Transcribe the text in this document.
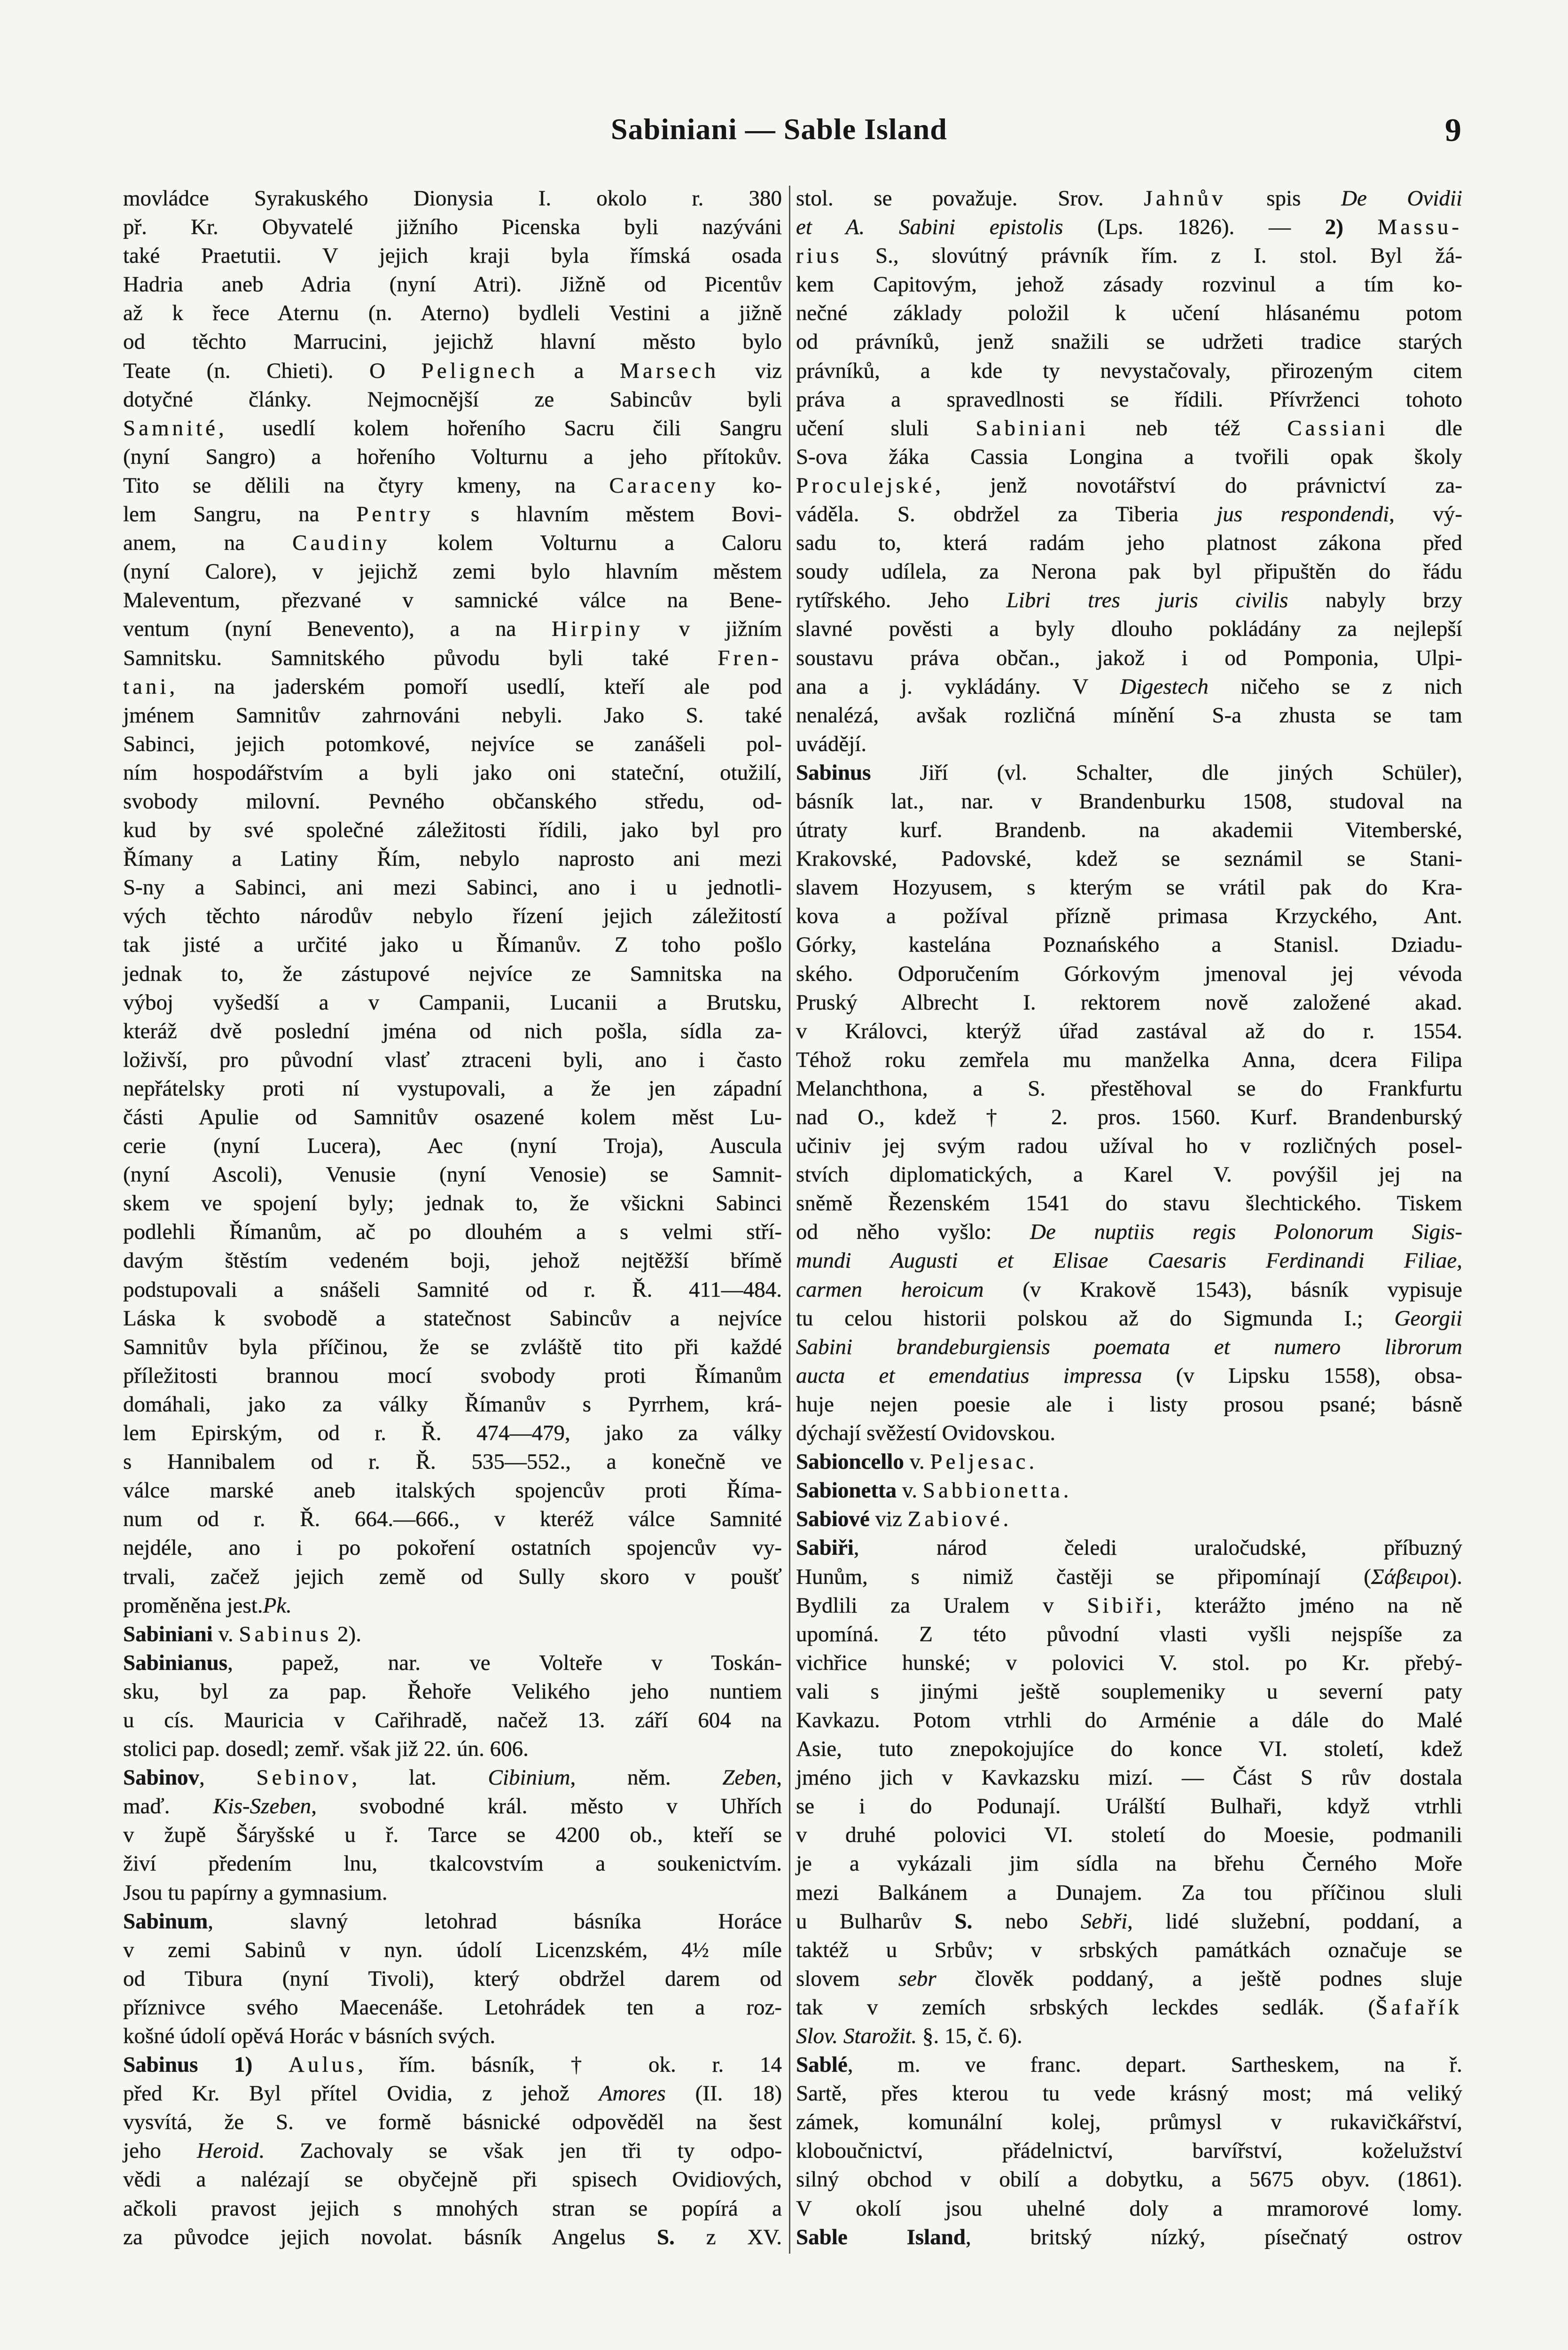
Sabiniani — Sable Island	9
movládce Syrakuského Dionysia I. okolo r. 380
př. Kr. Obyvatelé jižního Picenska byli nazýváni
také Praetutii. V jejich kraji byla římská osada
Hadria aneb Adria (nyní Atri). Jižně od Picentův
až k řece Aternu (n. Aterno) bydleli Vestini a jižně
od těchto Marrucini, jejichž hlavní město bylo
Teate (n. Chieti). O Pelignech a Marsech viz
dotyčné články. Nejmocnější ze Sabincův byli
Samnité, usedlí kolem hořeního Sacru čili Sangru
(nyní Sangro) a hořeního Volturnu a jeho přítokův.
Tito se dělili na čtyry kmeny, na Caraceny ko-
lem Sangru, na Pentry s hlavním městem Bovi-
anem, na Caudiny kolem Volturnu a Caloru
(nyní Calore), v jejichž zemi bylo hlavním městem
Maleventum, přezvané v samnické válce na Bene-
ventum (nyní Benevento), a na Hirpiny v jižním
Samnitsku. Samnitského původu byli také Fren-
tani, na jaderském pomoří usedlí, kteří ale pod
jménem Samnitův zahrnováni nebyli. Jako S. také
Sabinci, jejich potomkové, nejvíce se zanášeli pol-
ním hospodářstvím a byli jako oni stateční, otužilí,
svobody milovní. Pevného občanského středu, od-
kud by své společné záležitosti řídili, jako byl pro
Římany a Latiny Řím, nebylo naprosto ani mezi
S-ny a Sabinci, ani mezi Sabinci, ano i u jednotli-
vých těchto národův nebylo řízení jejich záležitostí
tak jisté a určité jako u Římanův. Z toho pošlo
jednak to, že zástupové nejvíce ze Samnitska na
výboj vyšedší a v Campanii, Lucanii a Brutsku,
kteráž dvě poslední jména od nich pošla, sídla za-
loživší, pro původní vlasť ztraceni byli, ano i často
nepřátelsky proti ní vystupovali, a že jen západní
části Apulie od Samnitův osazené kolem měst Lu-
cerie (nyní Lucera), Aec (nyní Troja), Auscula
(nyní Ascoli), Venusie (nyní Venosie) se Samnit-
skem ve spojení byly; jednak to, že všickni Sabinci
podlehli Římanům, ač po dlouhém a s velmi stří-
davým štěstím vedeném boji, jehož nejtěžší břímě
podstupovali a snášeli Samnité od r. Ř. 411—484.
Láska k svobodě a statečnost Sabincův a nejvíce
Samnitův byla příčinou, že se zvláště tito při každé
příležitosti brannou mocí svobody proti Římanům
domáhali, jako za války Římanův s Pyrrhem, krá-
lem Epirským, od r. Ř. 474—479, jako za války
s Hannibalem od r. Ř. 535—552., a konečně ve
válce marské aneb italských spojencův proti Říma-
num od r. Ř. 664.—666., v kteréž válce Samnité
nejdéle, ano i po pokoření ostatních spojencův vy-
trvali, začež jejich země od Sully skoro v poušť
proměněna jest.Pk.
Sabiniani v. Sabinus 2).
Sabinianus, papež, nar. ve Volteře v Toskán-
sku, byl za pap. Řehoře Velikého jeho nuntiem
u cís. Mauricia v Cařihradě, načež 13. září 604 na
stolici pap. dosedl; zemř. však již 22. ún. 606.
Sabinov, Sebinov, lat. Cibinium, něm. Zeben,
maď. Kis-Szeben, svobodné král. město v Uhřích
v župě Šáryšské u ř. Tarce se 4200 ob., kteří se
živí předením lnu, tkalcovstvím a soukenictvím.
Jsou tu papírny a gymnasium.
Sabinum, slavný letohrad básníka Horáce
v zemi Sabinů v nyn. údolí Licenzském, 4½ míle
od Tibura (nyní Tivoli), který obdržel darem od
příznivce svého Maecenáše. Letohrádek ten a roz-
košné údolí opěvá Horác v básních svých.
Sabinus 1) Aulus, řím. básník, † ok. r. 14
před Kr. Byl přítel Ovidia, z jehož Amores (II. 18)
vysvítá, že S. ve formě básnické odpověděl na šest
jeho Heroid. Zachovaly se však jen tři ty odpo-
vědi a nalézají se obyčejně při spisech Ovidiových,
ačkoli pravost jejich s mnohých stran se popírá a
za původce jejich novolat. básník Angelus S. z XV.
stol. se považuje. Srov. Jahnův spis De Ovidii
et A. Sabini epistolis (Lps. 1826). — 2) Massu-
rius S., slovútný právník řím. z I. stol. Byl žá-
kem Capitovým, jehož zásady rozvinul a tím ko-
nečné základy položil k učení hlásanému potom
od právníků, jenž snažili se udržeti tradice starých
právníků, a kde ty nevystačovaly, přirozeným citem
práva a spravedlnosti se řídili. Přívrženci tohoto
učení sluli Sabiniani neb též Cassiani dle
S-ova žáka Cassia Longina a tvořili opak školy
Proculejské, jenž novotářství do právnictví za-
váděla. S. obdržel za Tiberia jus respondendi, vý-
sadu to, která radám jeho platnost zákona před
soudy udílela, za Nerona pak byl připuštěn do řádu
rytířského. Jeho Libri tres juris civilis nabyly brzy
slavné pověsti a byly dlouho pokládány za nejlepší
soustavu práva občan., jakož i od Pomponia, Ulpi-
ana a j. vykládány. V Digestech ničeho se z nich
nenalézá, avšak rozličná mínění S-a zhusta se tam
uvádějí.
Sabinus Jiří (vl. Schalter, dle jiných Schüler),
básník lat., nar. v Brandenburku 1508, studoval na
útraty kurf. Brandenb. na akademii Vitemberské,
Krakovské, Padovské, kdež se seznámil se Stani-
slavem Hozyusem, s kterým se vrátil pak do Kra-
kova a požíval přízně primasa Krzyckého, Ant.
Górky, kastelána Poznańského a Stanisl. Dziadu-
ského. Odporučením Górkovým jmenoval jej vévoda
Pruský Albrecht I. rektorem nově založené akad.
v Královci, kterýž úřad zastával až do r. 1554.
Téhož roku zemřela mu manželka Anna, dcera Filipa
Melanchthona, a S. přestěhoval se do Frankfurtu
nad O., kdež † 2. pros. 1560. Kurf. Brandenburský
učiniv jej svým radou užíval ho v rozličných posel-
stvích diplomatických, a Karel V. povýšil jej na
sněmě Řezenském 1541 do stavu šlechtického. Tiskem
od něho vyšlo: De nuptiis regis Polonorum Sigis-
mundi Augusti et Elisae Caesaris Ferdinandi Filiae,
carmen heroicum (v Krakově 1543), básník vypisuje
tu celou historii polskou až do Sigmunda I.; Georgii
Sabini brandeburgiensis poemata et numero librorum
aucta et emendatius impressa (v Lipsku 1558), obsa-
huje nejen poesie ale i listy prosou psané; básně
dýchají svěžestí Ovidovskou.
Sabioncello v. Peljesac.
Sabionetta v. Sabbionetta.
Sabiové viz Zabiové.
Sabiři, národ čeledi uraločudské, příbuzný
Hunům, s nimiž častěji se připomínají (Σάβειροι).
Bydlili za Uralem v Sibiři, kterážto jméno na ně
upomíná. Z této původní vlasti vyšli nejspíše za
vichřice hunské; v polovici V. stol. po Kr. přebý-
vali s jinými ještě souplemeniky u severní paty
Kavkazu. Potom vtrhli do Arménie a dále do Malé
Asie, tuto znepokojujíce do konce VI. století, kdež
jméno jich v Kavkazsku mizí. — Část S rův dostala
se i do Podunají. Urálští Bulhaři, když vtrhli
v druhé polovici VI. století do Moesie, podmanili
je a vykázali jim sídla na břehu Černého Moře
mezi Balkánem a Dunajem. Za tou příčinou sluli
u Bulharův S. nebo Sebři, lidé služební, poddaní, a
taktéž u Srbův; v srbských památkách označuje se
slovem sebr člověk poddaný, a ještě podnes sluje
tak v zemích srbských leckdes sedlák. (Šafařík
Slov. Starožit. §. 15, č. 6).
Sablé, m. ve franc. depart. Sartheskem, na ř.
Sartě, přes kterou tu vede krásný most; má veliký
zámek, komunální kolej, průmysl v rukavičkářství,
kloboučnictví, přádelnictví, barvířství, koželužství
silný obchod v obilí a dobytku, a 5675 obyv. (1861).
V okolí jsou uhelné doly a mramorové lomy.
Sable Island, britský nízký, písečnatý ostrov
